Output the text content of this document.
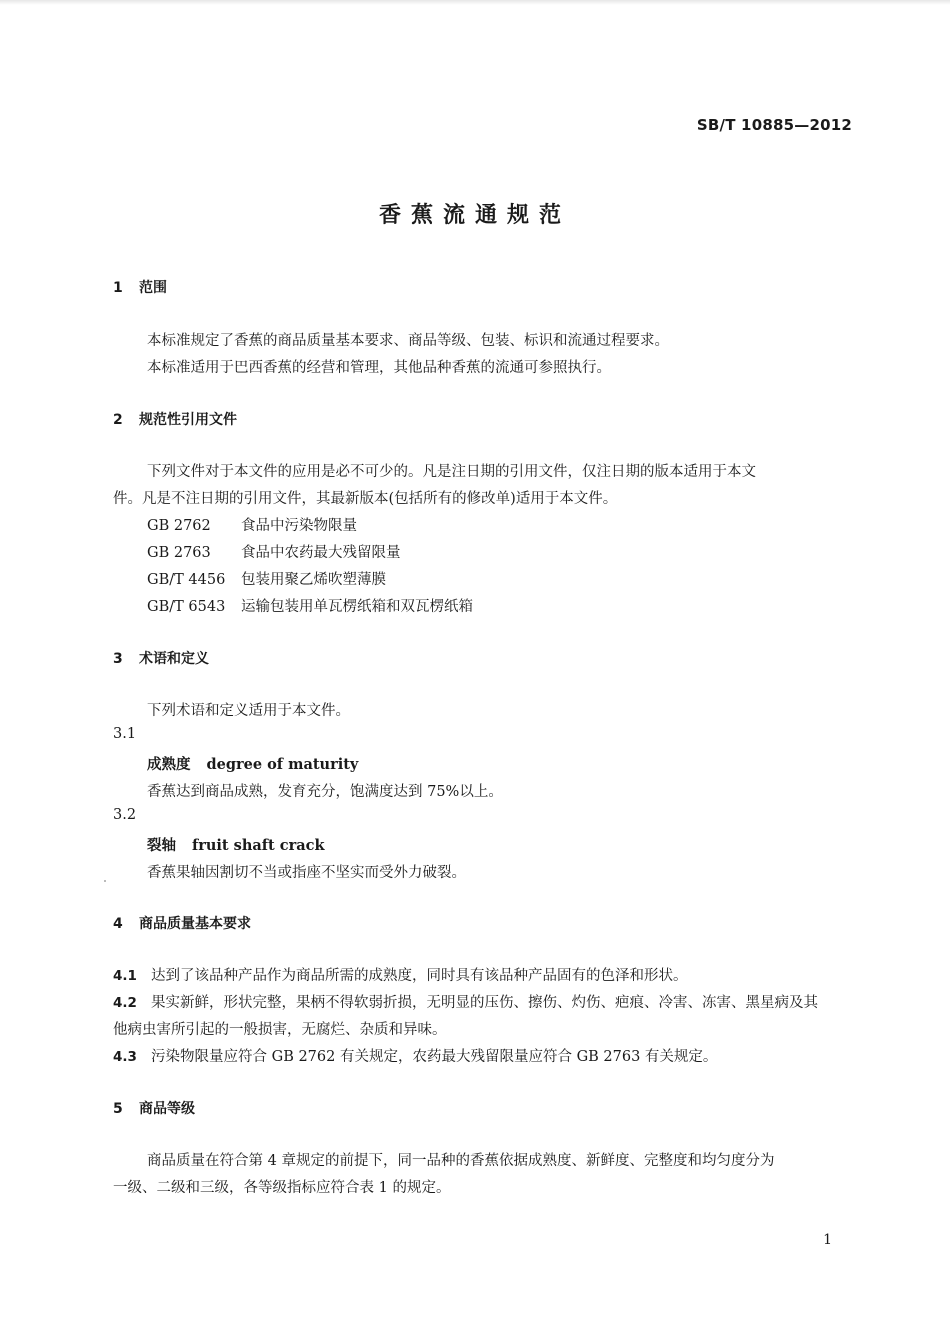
SB/T 10885—2012
香蕉流通规范
1 范围
本标准规定了香蕉的商品质量基本要求、商品等级、包装、标识和流通过程要求。
本标准适用于巴西香蕉的经营和管理，其他品种香蕉的流通可参照执行。
2 规范性引用文件
下列文件对于本文件的应用是必不可少的。凡是注日期的引用文件，仅注日期的版本适用于本文
件。凡是不注日期的引用文件，其最新版本(包括所有的修改单)适用于本文件。
GB 2762 食品中污染物限量
GB 2763 食品中农药最大残留限量
GB/T 4456 包装用聚乙烯吹塑薄膜
GB/T 6543 运输包装用单瓦楞纸箱和双瓦楞纸箱
3 术语和定义
下列术语和定义适用于本文件。
3.1
成熟度 degree of maturity
香蕉达到商品成熟，发育充分，饱满度达到 75%以上。
3.2
裂轴 fruit shaft crack
香蕉果轴因割切不当或指座不坚实而受外力破裂。
4 商品质量基本要求
4.1 达到了该品种产品作为商品所需的成熟度，同时具有该品种产品固有的色泽和形状。
4.2 果实新鲜，形状完整，果柄不得软弱折损，无明显的压伤、擦伤、灼伤、疤痕、冷害、冻害、黑星病及其
他病虫害所引起的一般损害，无腐烂、杂质和异味。
4.3 污染物限量应符合 GB 2762 有关规定，农药最大残留限量应符合 GB 2763 有关规定。
5 商品等级
商品质量在符合第 4 章规定的前提下，同一品种的香蕉依据成熟度、新鲜度、完整度和均匀度分为
一级、二级和三级，各等级指标应符合表 1 的规定。
1
